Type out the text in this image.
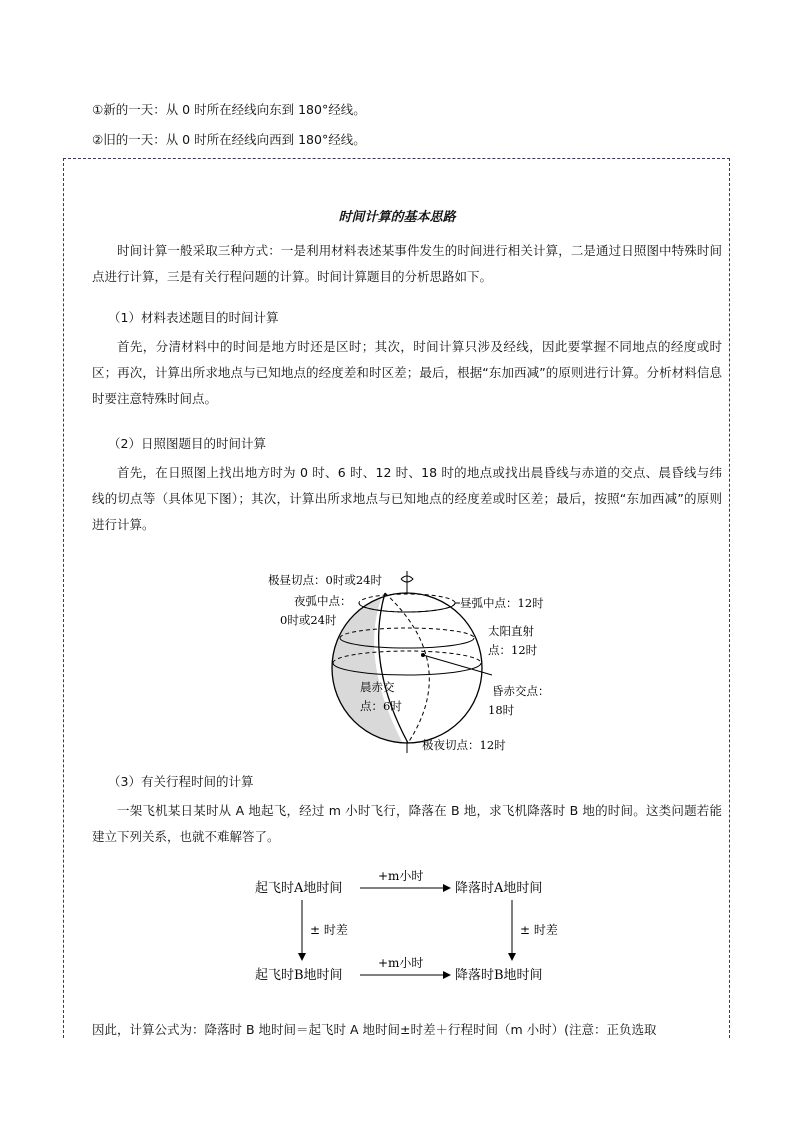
①新的一天：从 0 时所在经线向东到 180°经线。
②旧的一天：从 0 时所在经线向西到 180°经线。
时间计算的基本思路
时间计算一般采取三种方式：一是利用材料表述某事件发生的时间进行相关计算，二是通过日照图中特殊时间点进行计算，三是有关行程问题的计算。时间计算题目的分析思路如下。
（1）材料表述题目的时间计算
首先，分清材料中的时间是地方时还是区时；其次，时间计算只涉及经线，因此要掌握不同地点的经度或时区；再次，计算出所求地点与已知地点的经度差和时区差；最后，根据“东加西减”的原则进行计算。分析材料信息时要注意特殊时间点。
（2）日照图题目的时间计算
首先，在日照图上找出地方时为 0 时、6 时、12 时、18 时的地点或找出晨昏线与赤道的交点、晨昏线与纬线的切点等（具体见下图）；其次，计算出所求地点与已知地点的经度差或时区差；最后，按照“东加西减”的原则进行计算。
极昼切点：0时或24时
夜弧中点：
0时或24时
昼弧中点：12时
太阳直射
点：12时
晨赤交
点：6时
昏赤交点：
18时
极夜切点：12时
（3）有关行程时间的计算
一架飞机某日某时从 A 地起飞，经过 m 小时飞行，降落在 B 地，求飞机降落时 B 地的时间。这类问题若能建立下列关系，也就不难解答了。
起飞时A地时间	降落时A地时间
起飞时B地时间	降落时B地时间
+m小时
+m小时
± 时差	± 时差
因此，计算公式为：降落时 B 地时间＝起飞时 A 地时间±时差＋行程时间（m 小时）(注意：正负选取
